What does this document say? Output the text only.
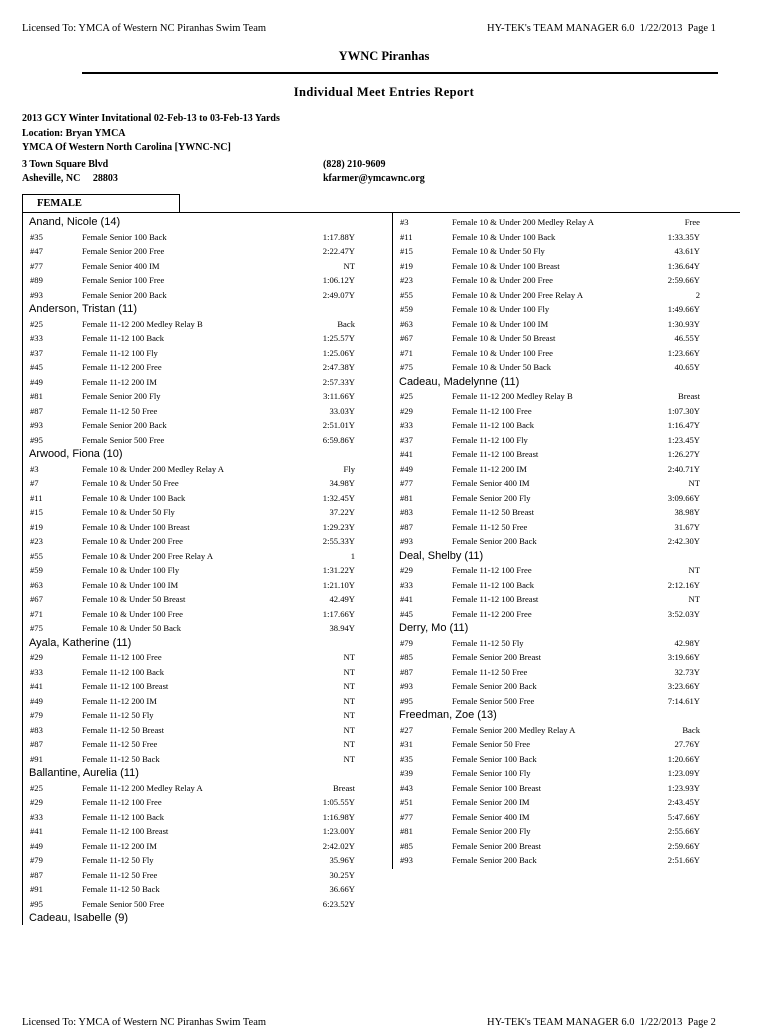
Licensed To: YMCA of Western NC Piranhas Swim Team	HY-TEK's TEAM MANAGER 6.0 1/22/2013 Page 1
YWNC Piranhas
Individual Meet Entries Report
2013 GCY Winter Invitational 02-Feb-13 to 03-Feb-13 Yards
Location: Bryan YMCA
YMCA Of Western North Carolina [YWNC-NC]
3 Town Square Blvd
Asheville, NC     28803
(828) 210-9609
kfarmer@ymcawnc.org
FEMALE
Anand, Nicole (14)
#35	Female Senior 100 Back	1:17.88Y
#47	Female Senior 200 Free	2:22.47Y
#77	Female Senior 400 IM	NT
#89	Female Senior 100 Free	1:06.12Y
#93	Female Senior 200 Back	2:49.07Y
Anderson, Tristan (11)
#25	Female 11-12 200 Medley Relay B	Back
#33	Female 11-12 100 Back	1:25.57Y
#37	Female 11-12 100 Fly	1:25.06Y
#45	Female 11-12 200 Free	2:47.38Y
#49	Female 11-12 200 IM	2:57.33Y
#81	Female Senior 200 Fly	3:11.66Y
#87	Female 11-12 50 Free	33.03Y
#93	Female Senior 200 Back	2:51.01Y
#95	Female Senior 500 Free	6:59.86Y
Arwood, Fiona (10)
#3	Female 10 & Under 200 Medley Relay A	Fly
#7	Female 10 & Under 50 Free	34.98Y
#11	Female 10 & Under 100 Back	1:32.45Y
#15	Female 10 & Under 50 Fly	37.22Y
#19	Female 10 & Under 100 Breast	1:29.23Y
#23	Female 10 & Under 200 Free	2:55.33Y
#55	Female 10 & Under 200 Free Relay A	1
#59	Female 10 & Under 100 Fly	1:31.22Y
#63	Female 10 & Under 100 IM	1:21.10Y
#67	Female 10 & Under 50 Breast	42.49Y
#71	Female 10 & Under 100 Free	1:17.66Y
#75	Female 10 & Under 50 Back	38.94Y
Ayala, Katherine (11)
#29	Female 11-12 100 Free	NT
#33	Female 11-12 100 Back	NT
#41	Female 11-12 100 Breast	NT
#49	Female 11-12 200 IM	NT
#79	Female 11-12 50 Fly	NT
#83	Female 11-12 50 Breast	NT
#87	Female 11-12 50 Free	NT
#91	Female 11-12 50 Back	NT
Ballantine, Aurelia (11)
#25	Female 11-12 200 Medley Relay A	Breast
#29	Female 11-12 100 Free	1:05.55Y
#33	Female 11-12 100 Back	1:16.98Y
#41	Female 11-12 100 Breast	1:23.00Y
#49	Female 11-12 200 IM	2:42.02Y
#79	Female 11-12 50 Fly	35.96Y
#87	Female 11-12 50 Free	30.25Y
#91	Female 11-12 50 Back	36.66Y
#95	Female Senior 500 Free	6:23.52Y
Cadeau, Isabelle (9)
#3	Female 10 & Under 200 Medley Relay A	Free
#11	Female 10 & Under 100 Back	1:33.35Y
#15	Female 10 & Under 50 Fly	43.61Y
#19	Female 10 & Under 100 Breast	1:36.64Y
#23	Female 10 & Under 200 Free	2:59.66Y
#55	Female 10 & Under 200 Free Relay A	2
#59	Female 10 & Under 100 Fly	1:49.66Y
#63	Female 10 & Under 100 IM	1:30.93Y
#67	Female 10 & Under 50 Breast	46.55Y
#71	Female 10 & Under 100 Free	1:23.66Y
#75	Female 10 & Under 50 Back	40.65Y
Cadeau, Madelynne (11)
#25	Female 11-12 200 Medley Relay B	Breast
#29	Female 11-12 100 Free	1:07.30Y
#33	Female 11-12 100 Back	1:16.47Y
#37	Female 11-12 100 Fly	1:23.45Y
#41	Female 11-12 100 Breast	1:26.27Y
#49	Female 11-12 200 IM	2:40.71Y
#77	Female Senior 400 IM	NT
#81	Female Senior 200 Fly	3:09.66Y
#83	Female 11-12 50 Breast	38.98Y
#87	Female 11-12 50 Free	31.67Y
#93	Female Senior 200 Back	2:42.30Y
Deal, Shelby (11)
#29	Female 11-12 100 Free	NT
#33	Female 11-12 100 Back	2:12.16Y
#41	Female 11-12 100 Breast	NT
#45	Female 11-12 200 Free	3:52.03Y
Derry, Mo (11)
#79	Female 11-12 50 Fly	42.98Y
#85	Female Senior 200 Breast	3:19.66Y
#87	Female 11-12 50 Free	32.73Y
#93	Female Senior 200 Back	3:23.66Y
#95	Female Senior 500 Free	7:14.61Y
Freedman, Zoe (13)
#27	Female Senior 200 Medley Relay A	Back
#31	Female Senior 50 Free	27.76Y
#35	Female Senior 100 Back	1:20.66Y
#39	Female Senior 100 Fly	1:23.09Y
#43	Female Senior 100 Breast	1:23.93Y
#51	Female Senior 200 IM	2:43.45Y
#77	Female Senior 400 IM	5:47.66Y
#81	Female Senior 200 Fly	2:55.66Y
#85	Female Senior 200 Breast	2:59.66Y
#93	Female Senior 200 Back	2:51.66Y
Licensed To: YMCA of Western NC Piranhas Swim Team	HY-TEK's TEAM MANAGER 6.0 1/22/2013 Page 2
